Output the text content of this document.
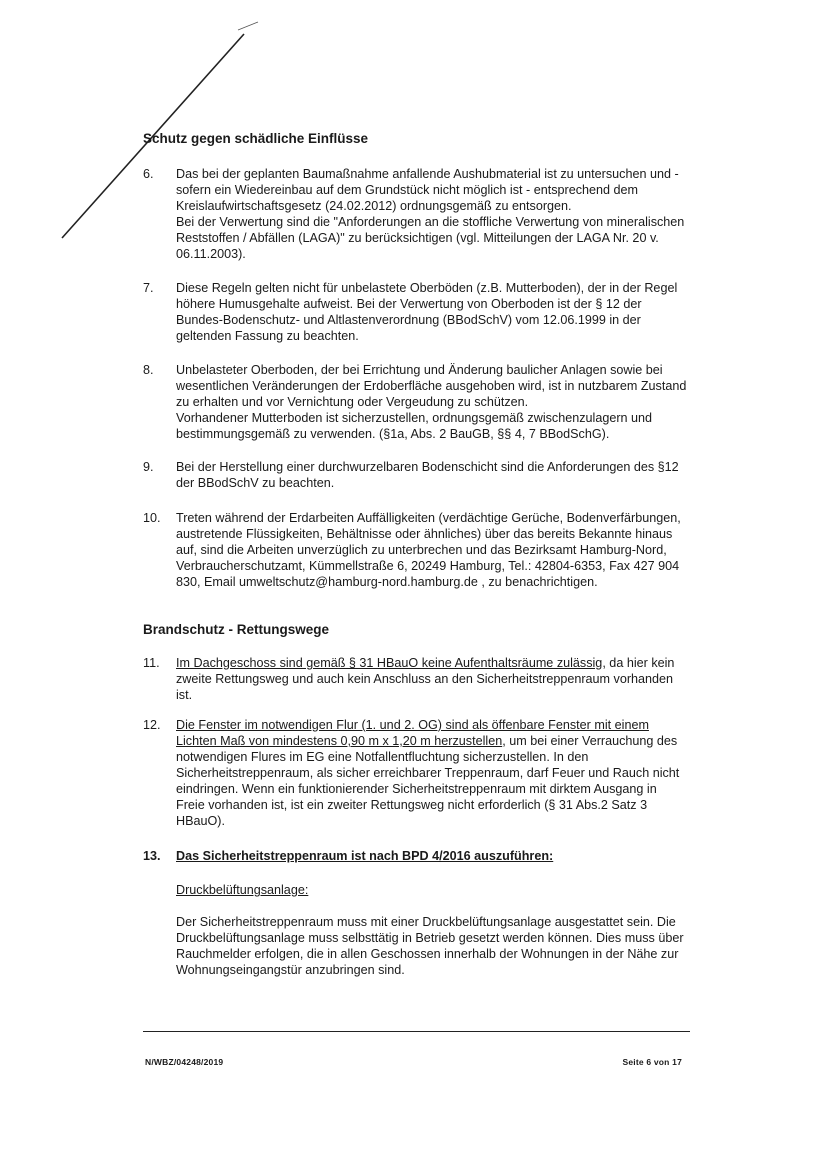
Schutz gegen schädliche Einflüsse
6.	Das bei der geplanten Baumaßnahme anfallende Aushubmaterial ist zu untersuchen und - sofern ein Wiedereinbau auf dem Grundstück nicht möglich ist - entsprechend dem Kreislaufwirtschaftsgesetz (24.02.2012) ordnungsgemäß zu entsorgen.

Bei der Verwertung sind die "Anforderungen an die stoffliche Verwertung von mineralischen Reststoffen / Abfällen (LAGA)" zu berücksichtigen (vgl. Mitteilungen der LAGA Nr. 20 v. 06.11.2003).

7.	Diese Regeln gelten nicht für unbelastete Oberböden (z.B. Mutterboden), der in der Regel höhere Humusgehalte aufweist. Bei der Verwertung von Oberboden ist der § 12 der Bundes-Bodenschutz- und Altlastenverordnung (BBodSchV) vom 12.06.1999 in der geltenden Fassung zu beachten.

8.	Unbelasteter Oberboden, der bei Errichtung und Änderung baulicher Anlagen sowie bei wesentlichen Veränderungen der Erdoberfläche ausgehoben wird, ist in nutzbarem Zustand zu erhalten und vor Vernichtung oder Vergeudung zu schützen.

Vorhandener Mutterboden ist sicherzustellen, ordnungsgemäß zwischenzulagern und bestimmungsgemäß zu verwenden. (§1a, Abs. 2 BauGB, §§ 4, 7 BBodSchG).

9.	Bei der Herstellung einer durchwurzelbaren Bodenschicht sind die Anforderungen des §12 der BBodSchV zu beachten.

10.	Treten während der Erdarbeiten Auffälligkeiten (verdächtige Gerüche, Bodenverfärbungen, austretende Flüssigkeiten, Behältnisse oder ähnliches) über das bereits Bekannte hinaus auf, sind die Arbeiten unverzüglich zu unterbrechen und das Bezirksamt Hamburg-Nord, Verbraucherschutzamt, Kümmellstraße 6, 20249 Hamburg, Tel.: 42804-6353, Fax 427 904 830, Email umweltschutz@hamburg-nord.hamburg.de , zu benachrichtigen.

Brandschutz - Rettungswege
11.	Im Dachgeschoss sind gemäß § 31 HBauO keine Aufenthaltsräume zulässig, da hier kein zweite Rettungsweg und auch kein Anschluss an den Sicherheitstreppenraum vorhanden ist.

12.	Die Fenster im notwendigen Flur (1. und 2. OG) sind als öffenbare Fenster mit einem Lichten Maß von mindestens 0,90 m x 1,20 m herzustellen, um bei einer Verrauchung des notwendigen Flures im EG eine Notfallentfluchtung sicherzustellen. In den Sicherheitstreppenraum, als sicher erreichbarer Treppenraum, darf Feuer und Rauch nicht eindringen. Wenn ein funktionierender Sicherheitstreppenraum mit dirktem Ausgang in Freie vorhanden ist, ist ein zweiter Rettungsweg nicht erforderlich (§ 31 Abs.2 Satz 3 HBauO).

13.	Das Sicherheitstreppenraum ist nach BPD 4/2016 auszuführen:

Druckbelüftungsanlage:

Der Sicherheitstreppenraum muss mit einer Druckbelüftungsanlage ausgestattet sein. Die Druckbelüftungsanlage muss selbsttätig in Betrieb gesetzt werden können. Dies muss über Rauchmelder erfolgen, die in allen Geschossen innerhalb der Wohnungen in der Nähe zur Wohnungseingangstür anzubringen sind.

N/WBZ/04248/2019	Seite 6 von 17
